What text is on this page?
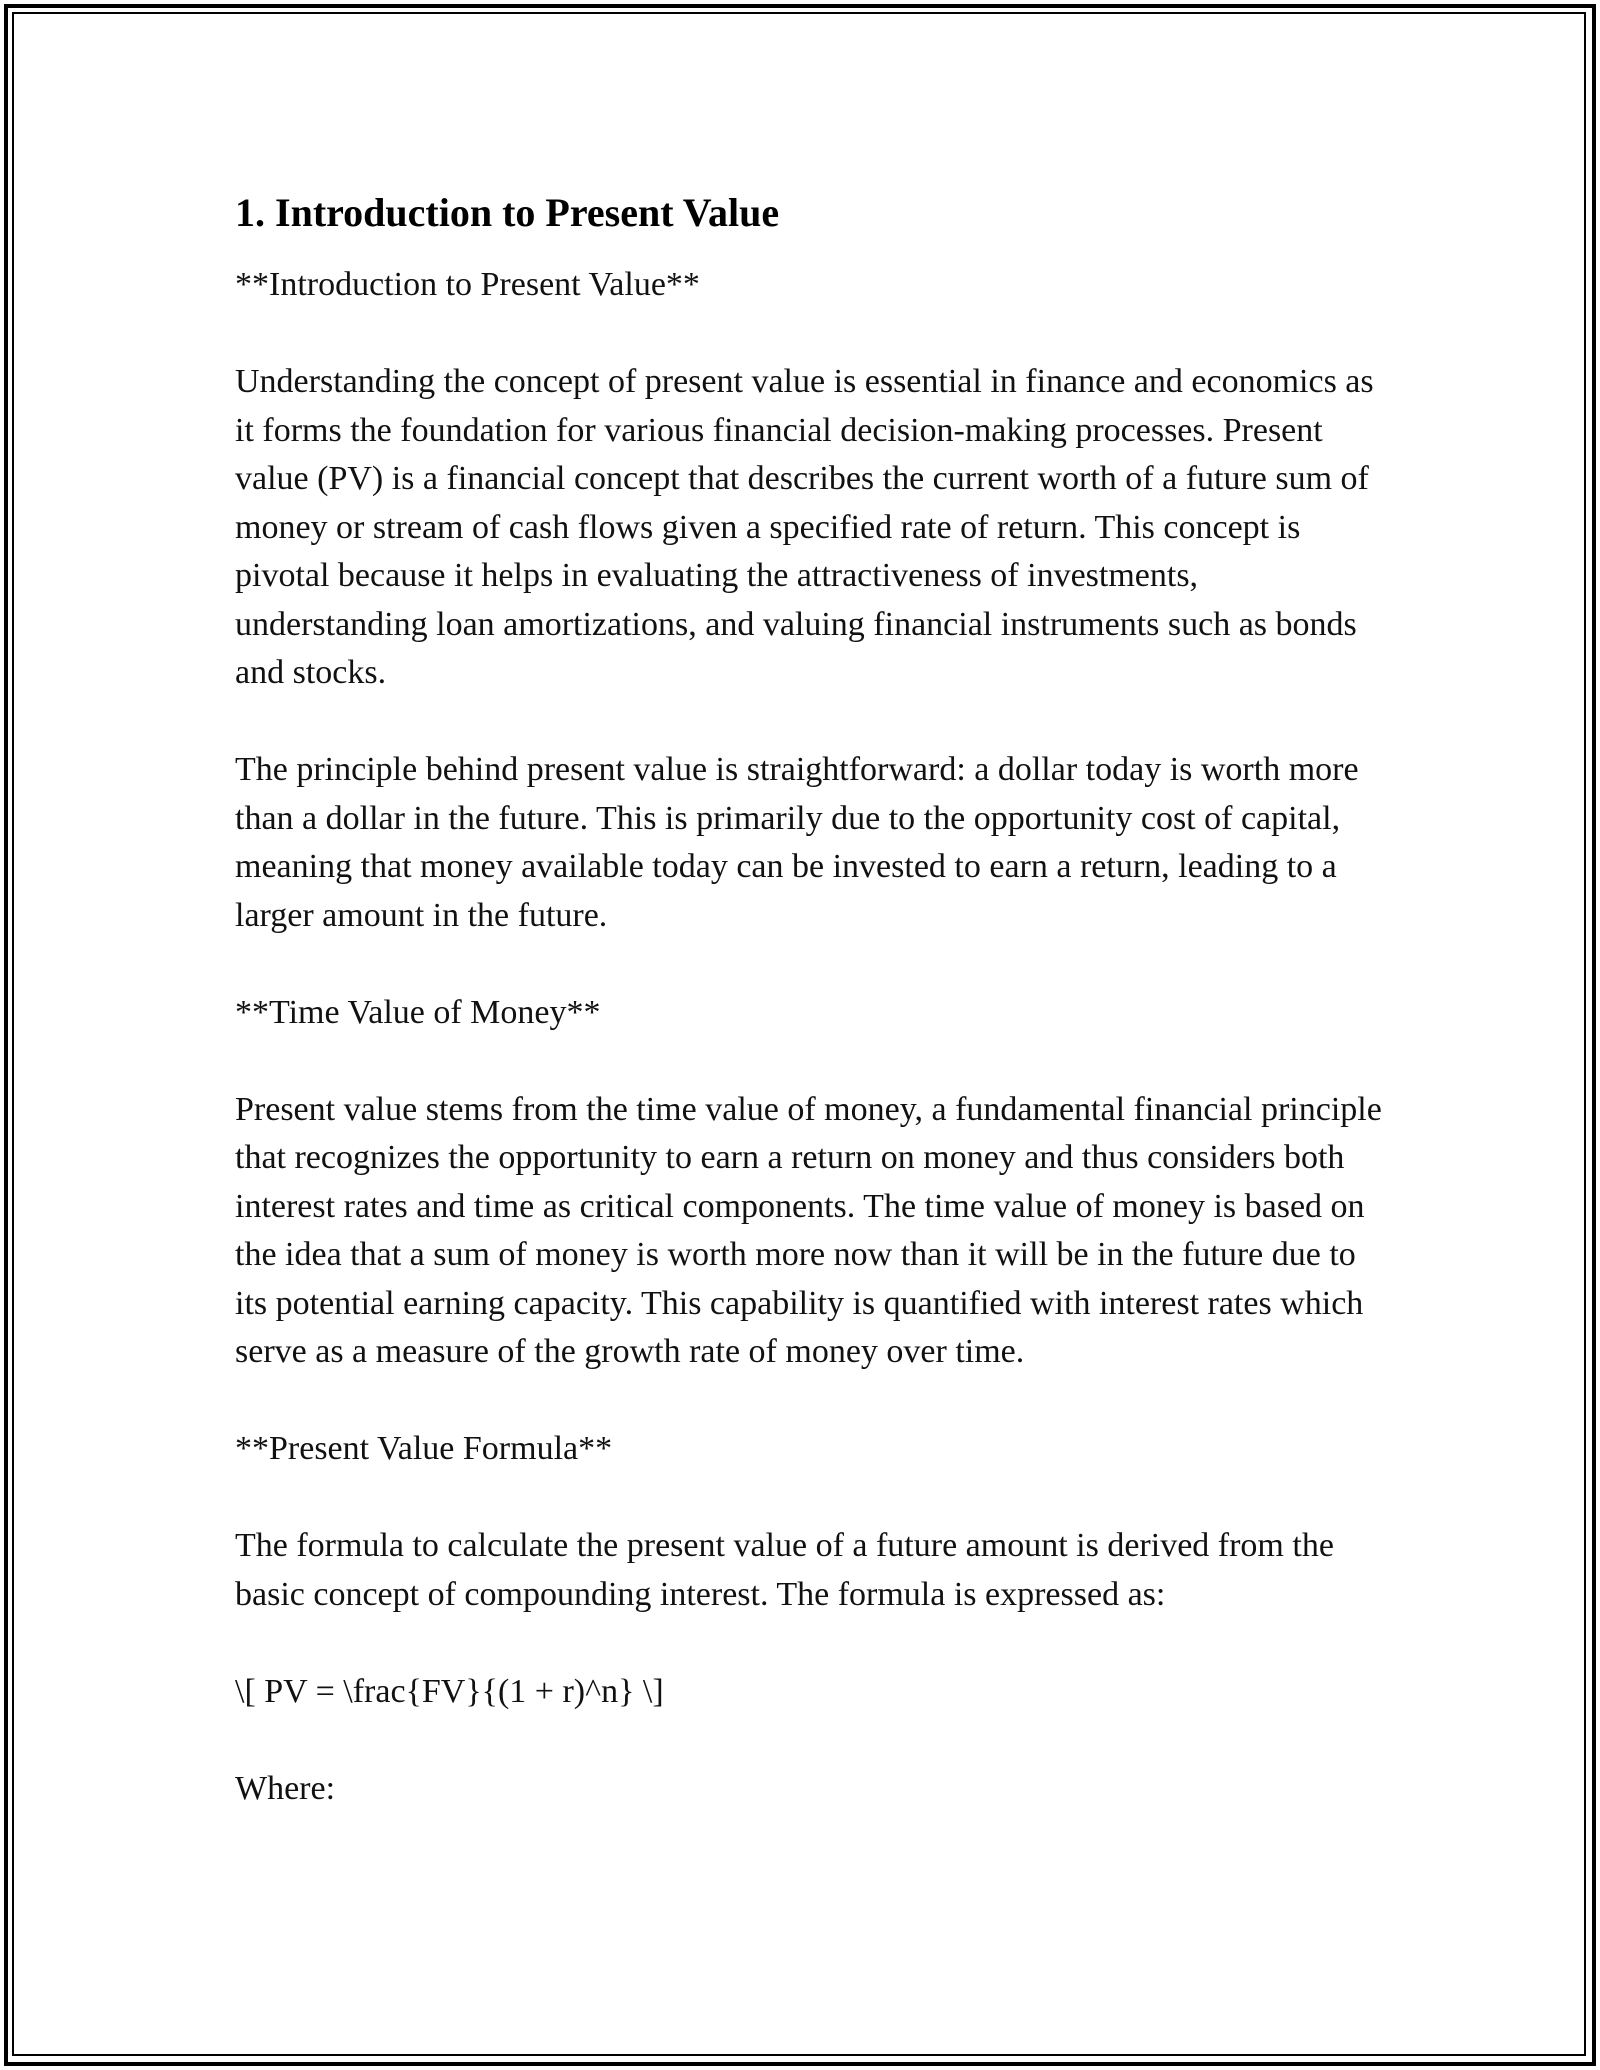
1. Introduction to Present Value

**Introduction to Present Value**

Understanding the concept of present value is essential in finance and economics as it forms the foundation for various financial decision-making processes. Present value (PV) is a financial concept that describes the current worth of a future sum of money or stream of cash flows given a specified rate of return. This concept is pivotal because it helps in evaluating the attractiveness of investments, understanding loan amortizations, and valuing financial instruments such as bonds and stocks.

The principle behind present value is straightforward: a dollar today is worth more than a dollar in the future. This is primarily due to the opportunity cost of capital, meaning that money available today can be invested to earn a return, leading to a larger amount in the future.

**Time Value of Money**

Present value stems from the time value of money, a fundamental financial principle that recognizes the opportunity to earn a return on money and thus considers both interest rates and time as critical components. The time value of money is based on the idea that a sum of money is worth more now than it will be in the future due to its potential earning capacity. This capability is quantified with interest rates which serve as a measure of the growth rate of money over time.

**Present Value Formula**

The formula to calculate the present value of a future amount is derived from the basic concept of compounding interest. The formula is expressed as:

\[ PV = \frac{FV}{(1 + r)^n} \]

Where:
